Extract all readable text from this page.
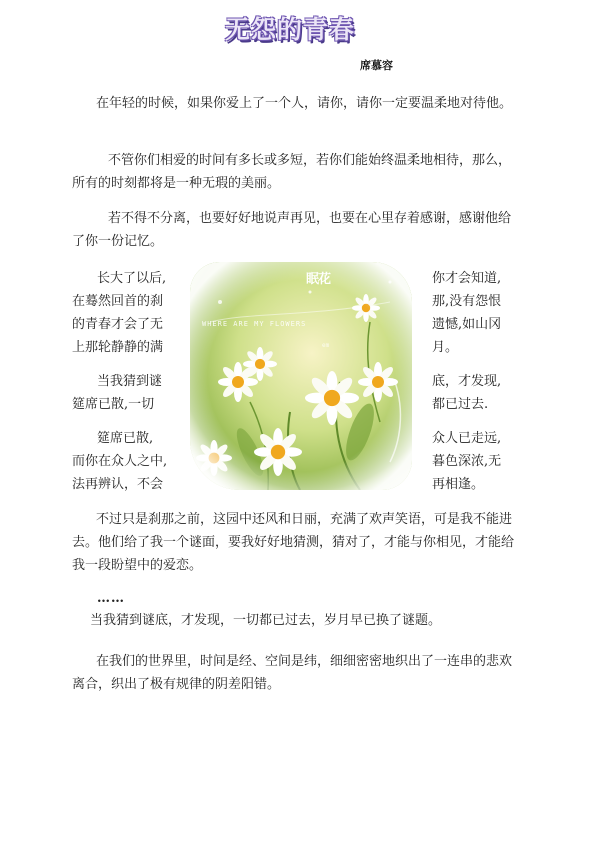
无怨的青春
席慕容

在年轻的时候，如果你爱上了一个人，请你，请你一定要温柔地对待他。

不管你们相爱的时间有多长或多短，若你们能始终温柔地相待，那么，所有的时刻都将是一种无瑕的美丽。

若不得不分离，也要好好地说声再见，也要在心里存着感谢，感谢他给了你一份记忆。

长大了以后,
在蓦然回首的刹
的青春才会了无
上那轮静静的满
当我猜到谜
筵席已散,一切
筵席已散,
而你在众人之中,
法再辨认，不会
你才会知道,
那,没有怨恨
遗憾,如山冈
月。
底，才发现,
都已过去.
众人已走远,
暮色深浓,无
再相逢。
眠花
WHERE ARE MY FLOWERS
em

不过只是刹那之前，这园中还风和日丽，充满了欢声笑语，可是我不能进去。他们给了我一个谜面，要我好好地猜测，猜对了，才能与你相见，才能给我一段盼望中的爱恋。

……
当我猜到谜底，才发现，一切都已过去，岁月早已换了谜题。

在我们的世界里，时间是经、空间是纬，细细密密地织出了一连串的悲欢离合，织出了极有规律的阴差阳错。
